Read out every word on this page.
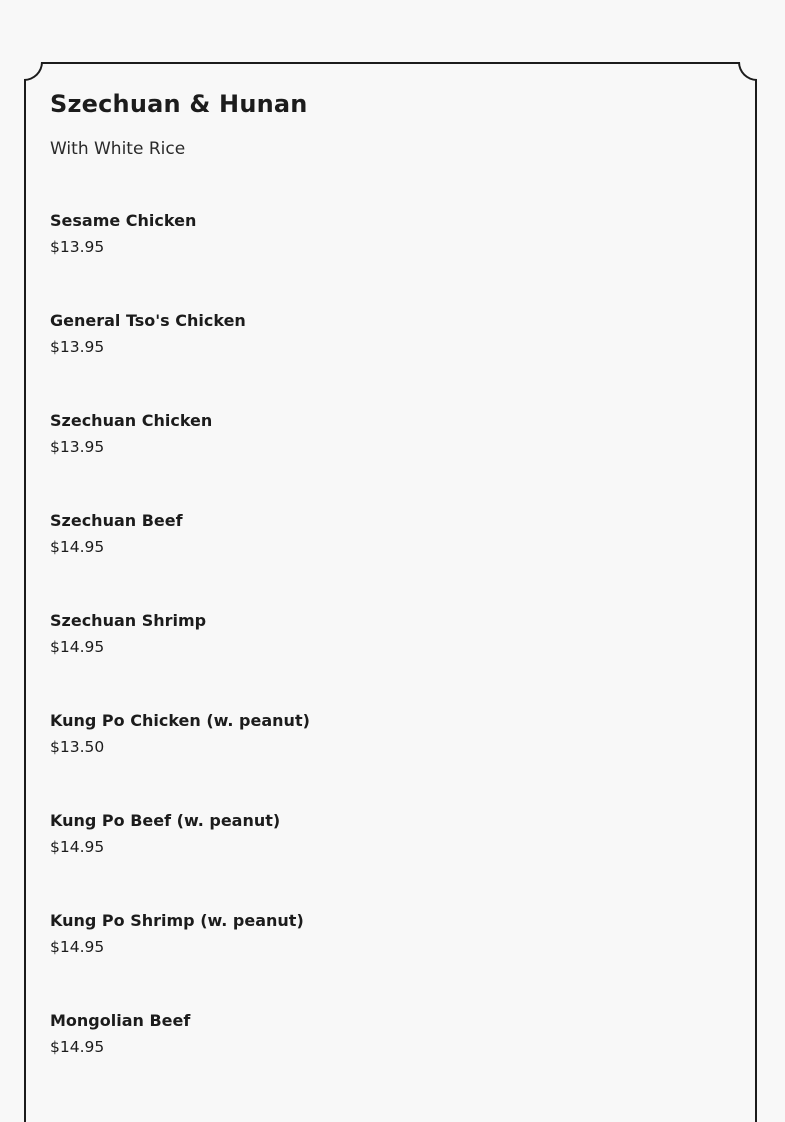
Szechuan & Hunan

With White Rice

Sesame Chicken
$13.95
General Tso's Chicken
$13.95
Szechuan Chicken
$13.95
Szechuan Beef
$14.95
Szechuan Shrimp
$14.95
Kung Po Chicken (w. peanut)
$13.50
Kung Po Beef (w. peanut)
$14.95
Kung Po Shrimp (w. peanut)
$14.95
Mongolian Beef
$14.95
